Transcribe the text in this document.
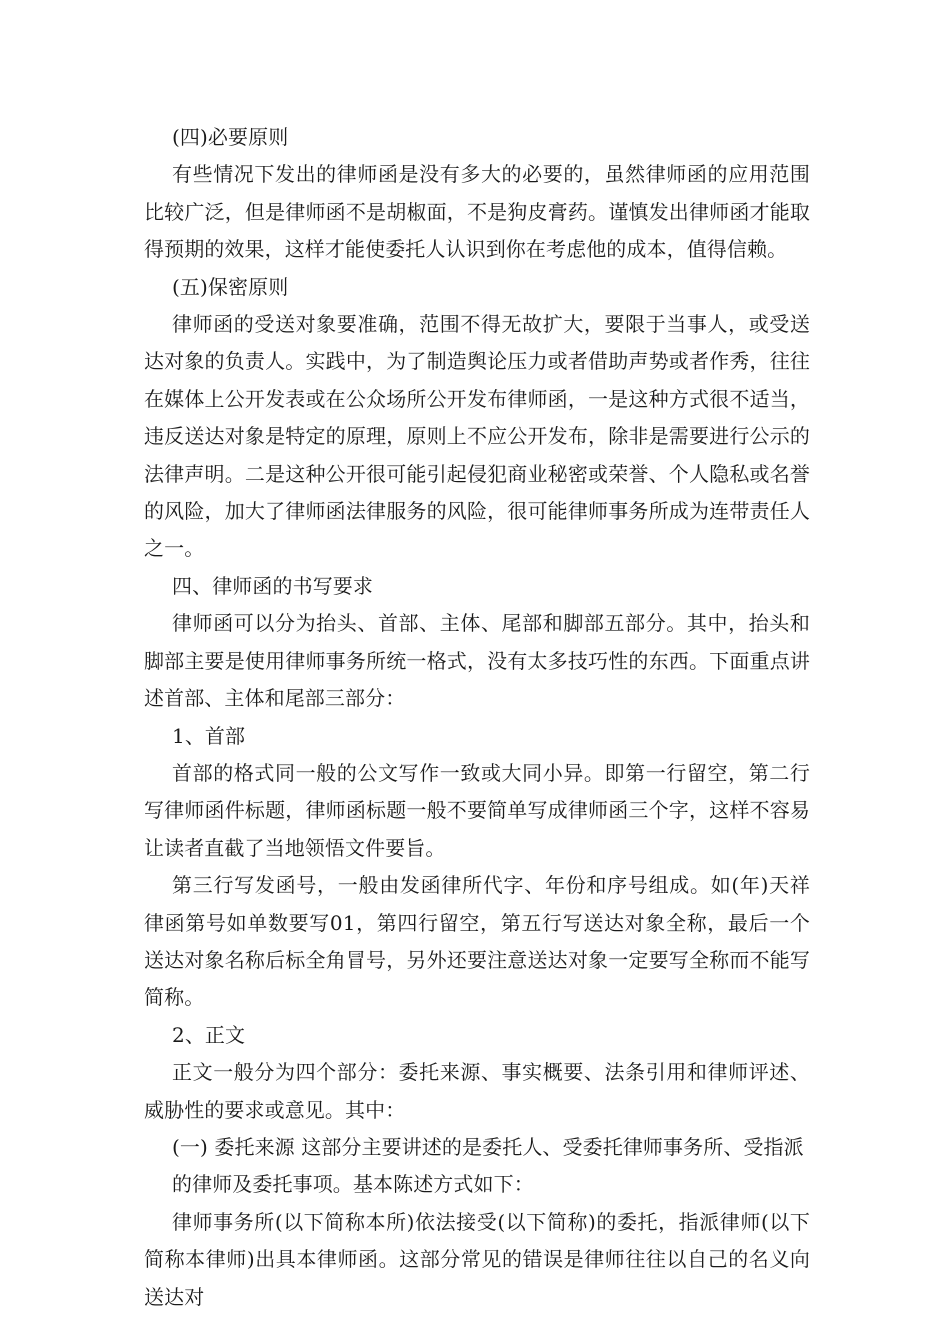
(四)必要原则

有些情况下发出的律师函是没有多大的必要的，虽然律师函的应用范围比较广泛，但是律师函不是胡椒面，不是狗皮膏药。谨慎发出律师函才能取得预期的效果，这样才能使委托人认识到你在考虑他的成本，值得信赖。

(五)保密原则

律师函的受送对象要准确，范围不得无故扩大，要限于当事人，或受送达对象的负责人。实践中，为了制造舆论压力或者借助声势或者作秀，往往在媒体上公开发表或在公众场所公开发布律师函，一是这种方式很不适当，违反送达对象是特定的原理，原则上不应公开发布，除非是需要进行公示的法律声明。二是这种公开很可能引起侵犯商业秘密或荣誉、个人隐私或名誉的风险，加大了律师函法律服务的风险，很可能律师事务所成为连带责任人之一。

四、律师函的书写要求

律师函可以分为抬头、首部、主体、尾部和脚部五部分。其中，抬头和脚部主要是使用律师事务所统一格式，没有太多技巧性的东西。下面重点讲述首部、主体和尾部三部分：

1、首部

首部的格式同一般的公文写作一致或大同小异。即第一行留空，第二行写律师函件标题，律师函标题一般不要简单写成律师函三个字，这样不容易让读者直截了当地领悟文件要旨。

第三行写发函号，一般由发函律所代字、年份和序号组成。如(年)天祥律函第号如单数要写01，第四行留空，第五行写送达对象全称，最后一个送达对象名称后标全角冒号，另外还要注意送达对象一定要写全称而不能写简称。

2、正文

正文一般分为四个部分：委托来源、事实概要、法条引用和律师评述、威胁性的要求或意见。其中：

(一) 委托来源 这部分主要讲述的是委托人、受委托律师事务所、受指派

的律师及委托事项。基本陈述方式如下：

律师事务所(以下简称本所)依法接受(以下简称)的委托，指派律师(以下简称本律师)出具本律师函。这部分常见的错误是律师往往以自己的名义向送达对
